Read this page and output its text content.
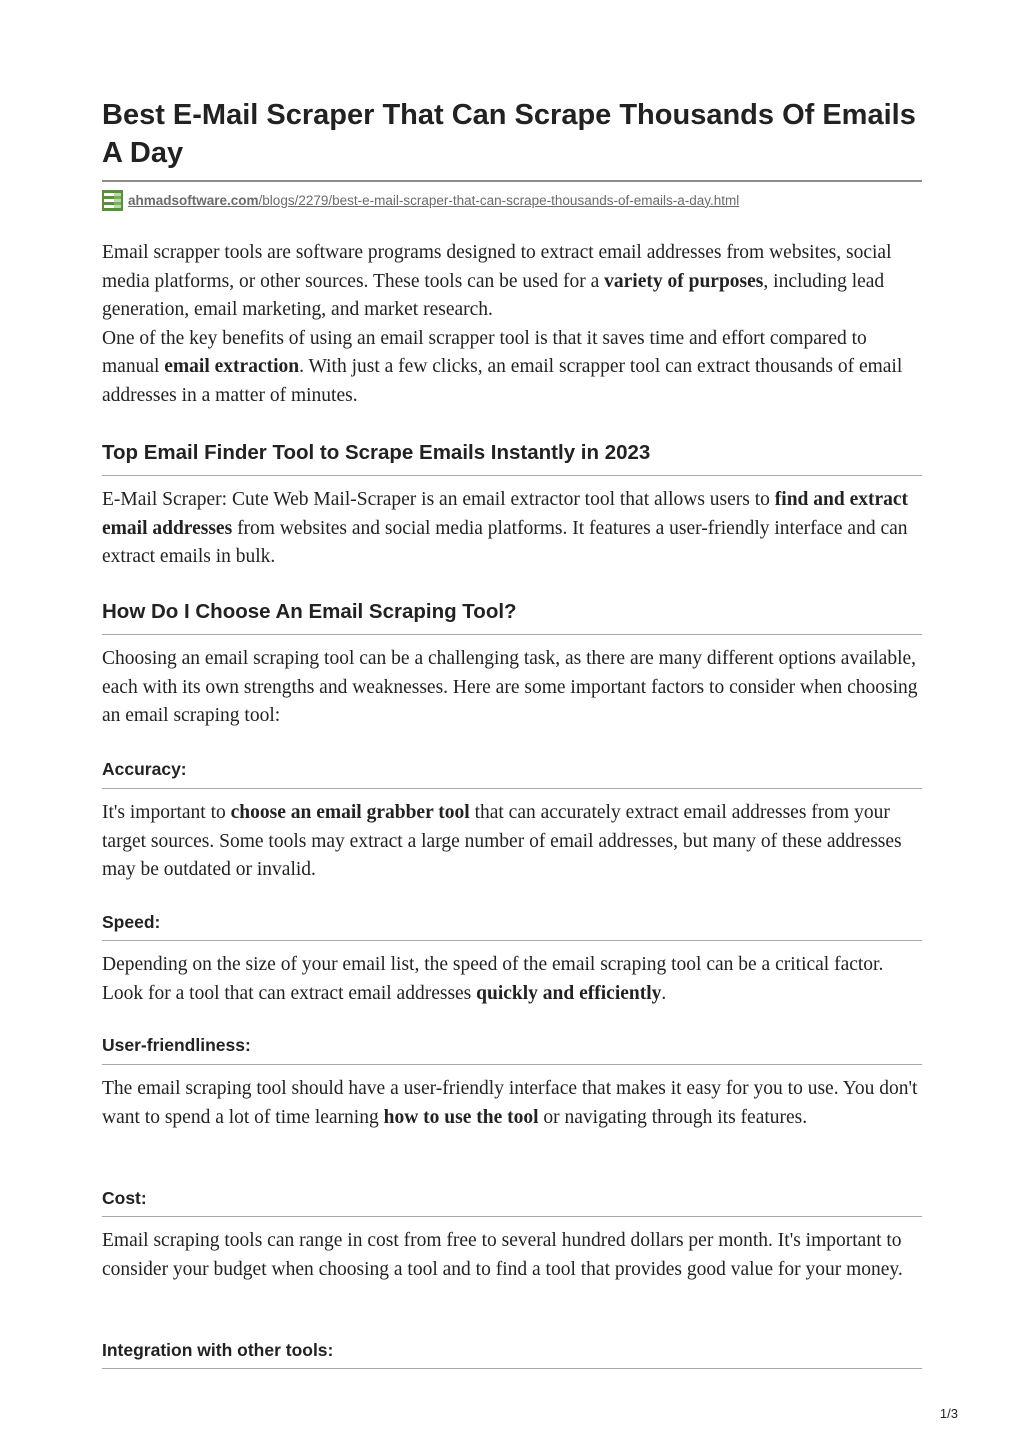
Best E-Mail Scraper That Can Scrape Thousands Of Emails A Day
ahmadsoftware.com/blogs/2279/best-e-mail-scraper-that-can-scrape-thousands-of-emails-a-day.html
Email scrapper tools are software programs designed to extract email addresses from websites, social media platforms, or other sources. These tools can be used for a variety of purposes, including lead generation, email marketing, and market research.
One of the key benefits of using an email scrapper tool is that it saves time and effort compared to manual email extraction. With just a few clicks, an email scrapper tool can extract thousands of email addresses in a matter of minutes.
Top Email Finder Tool to Scrape Emails Instantly in 2023
E-Mail Scraper: Cute Web Mail-Scraper is an email extractor tool that allows users to find and extract email addresses from websites and social media platforms. It features a user-friendly interface and can extract emails in bulk.
How Do I Choose An Email Scraping Tool?
Choosing an email scraping tool can be a challenging task, as there are many different options available, each with its own strengths and weaknesses. Here are some important factors to consider when choosing an email scraping tool:
Accuracy:
It's important to choose an email grabber tool that can accurately extract email addresses from your target sources. Some tools may extract a large number of email addresses, but many of these addresses may be outdated or invalid.
Speed:
Depending on the size of your email list, the speed of the email scraping tool can be a critical factor. Look for a tool that can extract email addresses quickly and efficiently.
User-friendliness:
The email scraping tool should have a user-friendly interface that makes it easy for you to use. You don't want to spend a lot of time learning how to use the tool or navigating through its features.
Cost:
Email scraping tools can range in cost from free to several hundred dollars per month. It's important to consider your budget when choosing a tool and to find a tool that provides good value for your money.
Integration with other tools:
1/3
